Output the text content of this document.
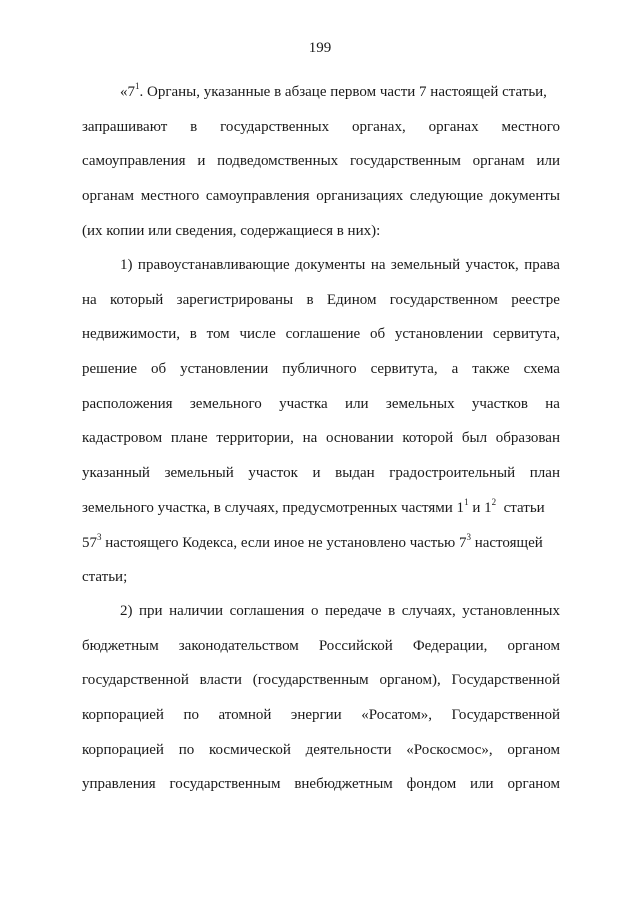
199
«$7^1$. Органы, указанные в абзаце первом части 7 настоящей статьи,
запрашивают в государственных органах, органах местного
самоуправления и подведомственных государственным органам или
органам местного самоуправления организациях следующие документы
(их копии или сведения, содержащиеся в них):
1) правоустанавливающие документы на земельный участок, права
на который зарегистрированы в Едином государственном реестре
недвижимости, в том числе соглашение об установлении сервитута,
решение об установлении публичного сервитута, а также схема
расположения земельного участка или земельных участков на
кадастровом плане территории, на основании которой был образован
указанный земельный участок и выдан градостроительный план
земельного участка, в случаях, предусмотренных частями $1^1$ и $1^2$  статьи
$57^3$ настоящего Кодекса, если иное не установлено частью $7^3$ настоящей
статьи;
2) при наличии соглашения о передаче в случаях, установленных
бюджетным законодательством Российской Федерации, органом
государственной власти (государственным органом), Государственной
корпорацией по атомной энергии «Росатом», Государственной
корпорацией по космической деятельности «Роскосмос», органом
управления государственным внебюджетным фондом или органом
